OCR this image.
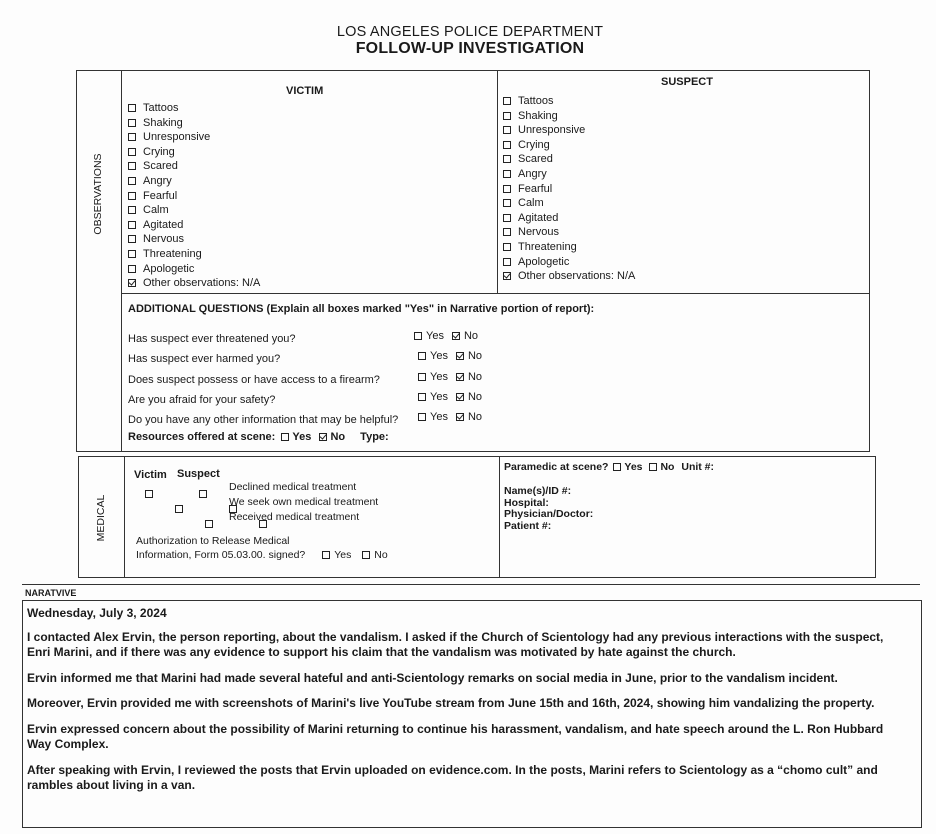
LOS ANGELES POLICE DEPARTMENT
FOLLOW-UP INVESTIGATION
OBSERVATIONS
VICTIM
Tattoos
Shaking
Unresponsive
Crying
Scared
Angry
Fearful
Calm
Agitated
Nervous
Threatening
Apologetic
Other observations: N/A
SUSPECT
Tattoos
Shaking
Unresponsive
Crying
Scared
Angry
Fearful
Calm
Agitated
Nervous
Threatening
Apologetic
Other observations: N/A
ADDITIONAL QUESTIONS (Explain all boxes marked "Yes" in Narrative portion of report):
Has suspect ever threatened you?	Yes No
Has suspect ever harmed you?	Yes No
Does suspect possess or have access to a firearm?	Yes No
Are you afraid for your safety?	Yes No
Do you have any other information that may be helpful?	Yes No
Resources offered at scene: Yes No Type:
MEDICAL
Victim Suspect
Declined medical treatment
We seek own medical treatment
Received medical treatment
Authorization to Release Medical
Information, Form 05.03.00. signed?	Yes No
Paramedic at scene? Yes No Unit #:
Name(s)/ID #:
Hospital:
Physician/Doctor:
Patient #:
NARATVIVE

Wednesday, July 3, 2024

I contacted Alex Ervin, the person reporting, about the vandalism. I asked if the Church of Scientology had any previous interactions with the suspect, Enri Marini, and if there was any evidence to support his claim that the vandalism was motivated by hate against the church.

Ervin informed me that Marini had made several hateful and anti-Scientology remarks on social media in June, prior to the vandalism incident.

Moreover, Ervin provided me with screenshots of Marini's live YouTube stream from June 15th and 16th, 2024, showing him vandalizing the property.

Ervin expressed concern about the possibility of Marini returning to continue his harassment, vandalism, and hate speech around the L. Ron Hubbard Way Complex.

After speaking with Ervin, I reviewed the posts that Ervin uploaded on evidence.com. In the posts, Marini refers to Scientology as a “chomo cult” and rambles about living in a van.
